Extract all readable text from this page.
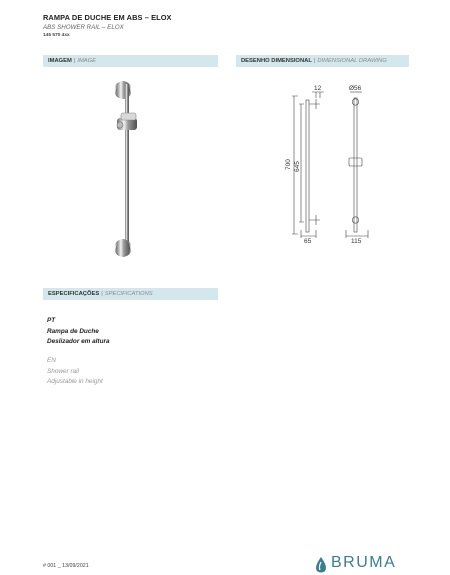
RAMPA DE DUCHE EM ABS – ELOX
ABS SHOWER RAIL – ELOX
145 570 4xx
IMAGEM | IMAGE	DESENHO DIMENSIONAL | DIMENSIONAL DRAWING
ESPECIFICAÇÕES | SPECIFICATIONS
12	Ø56
700 645
65	115
PT
Rampa de Duche
Deslizador em altura
EN
Shower rail
Adjustable in height
# 001 _ 13/09/2021	BRUMA
